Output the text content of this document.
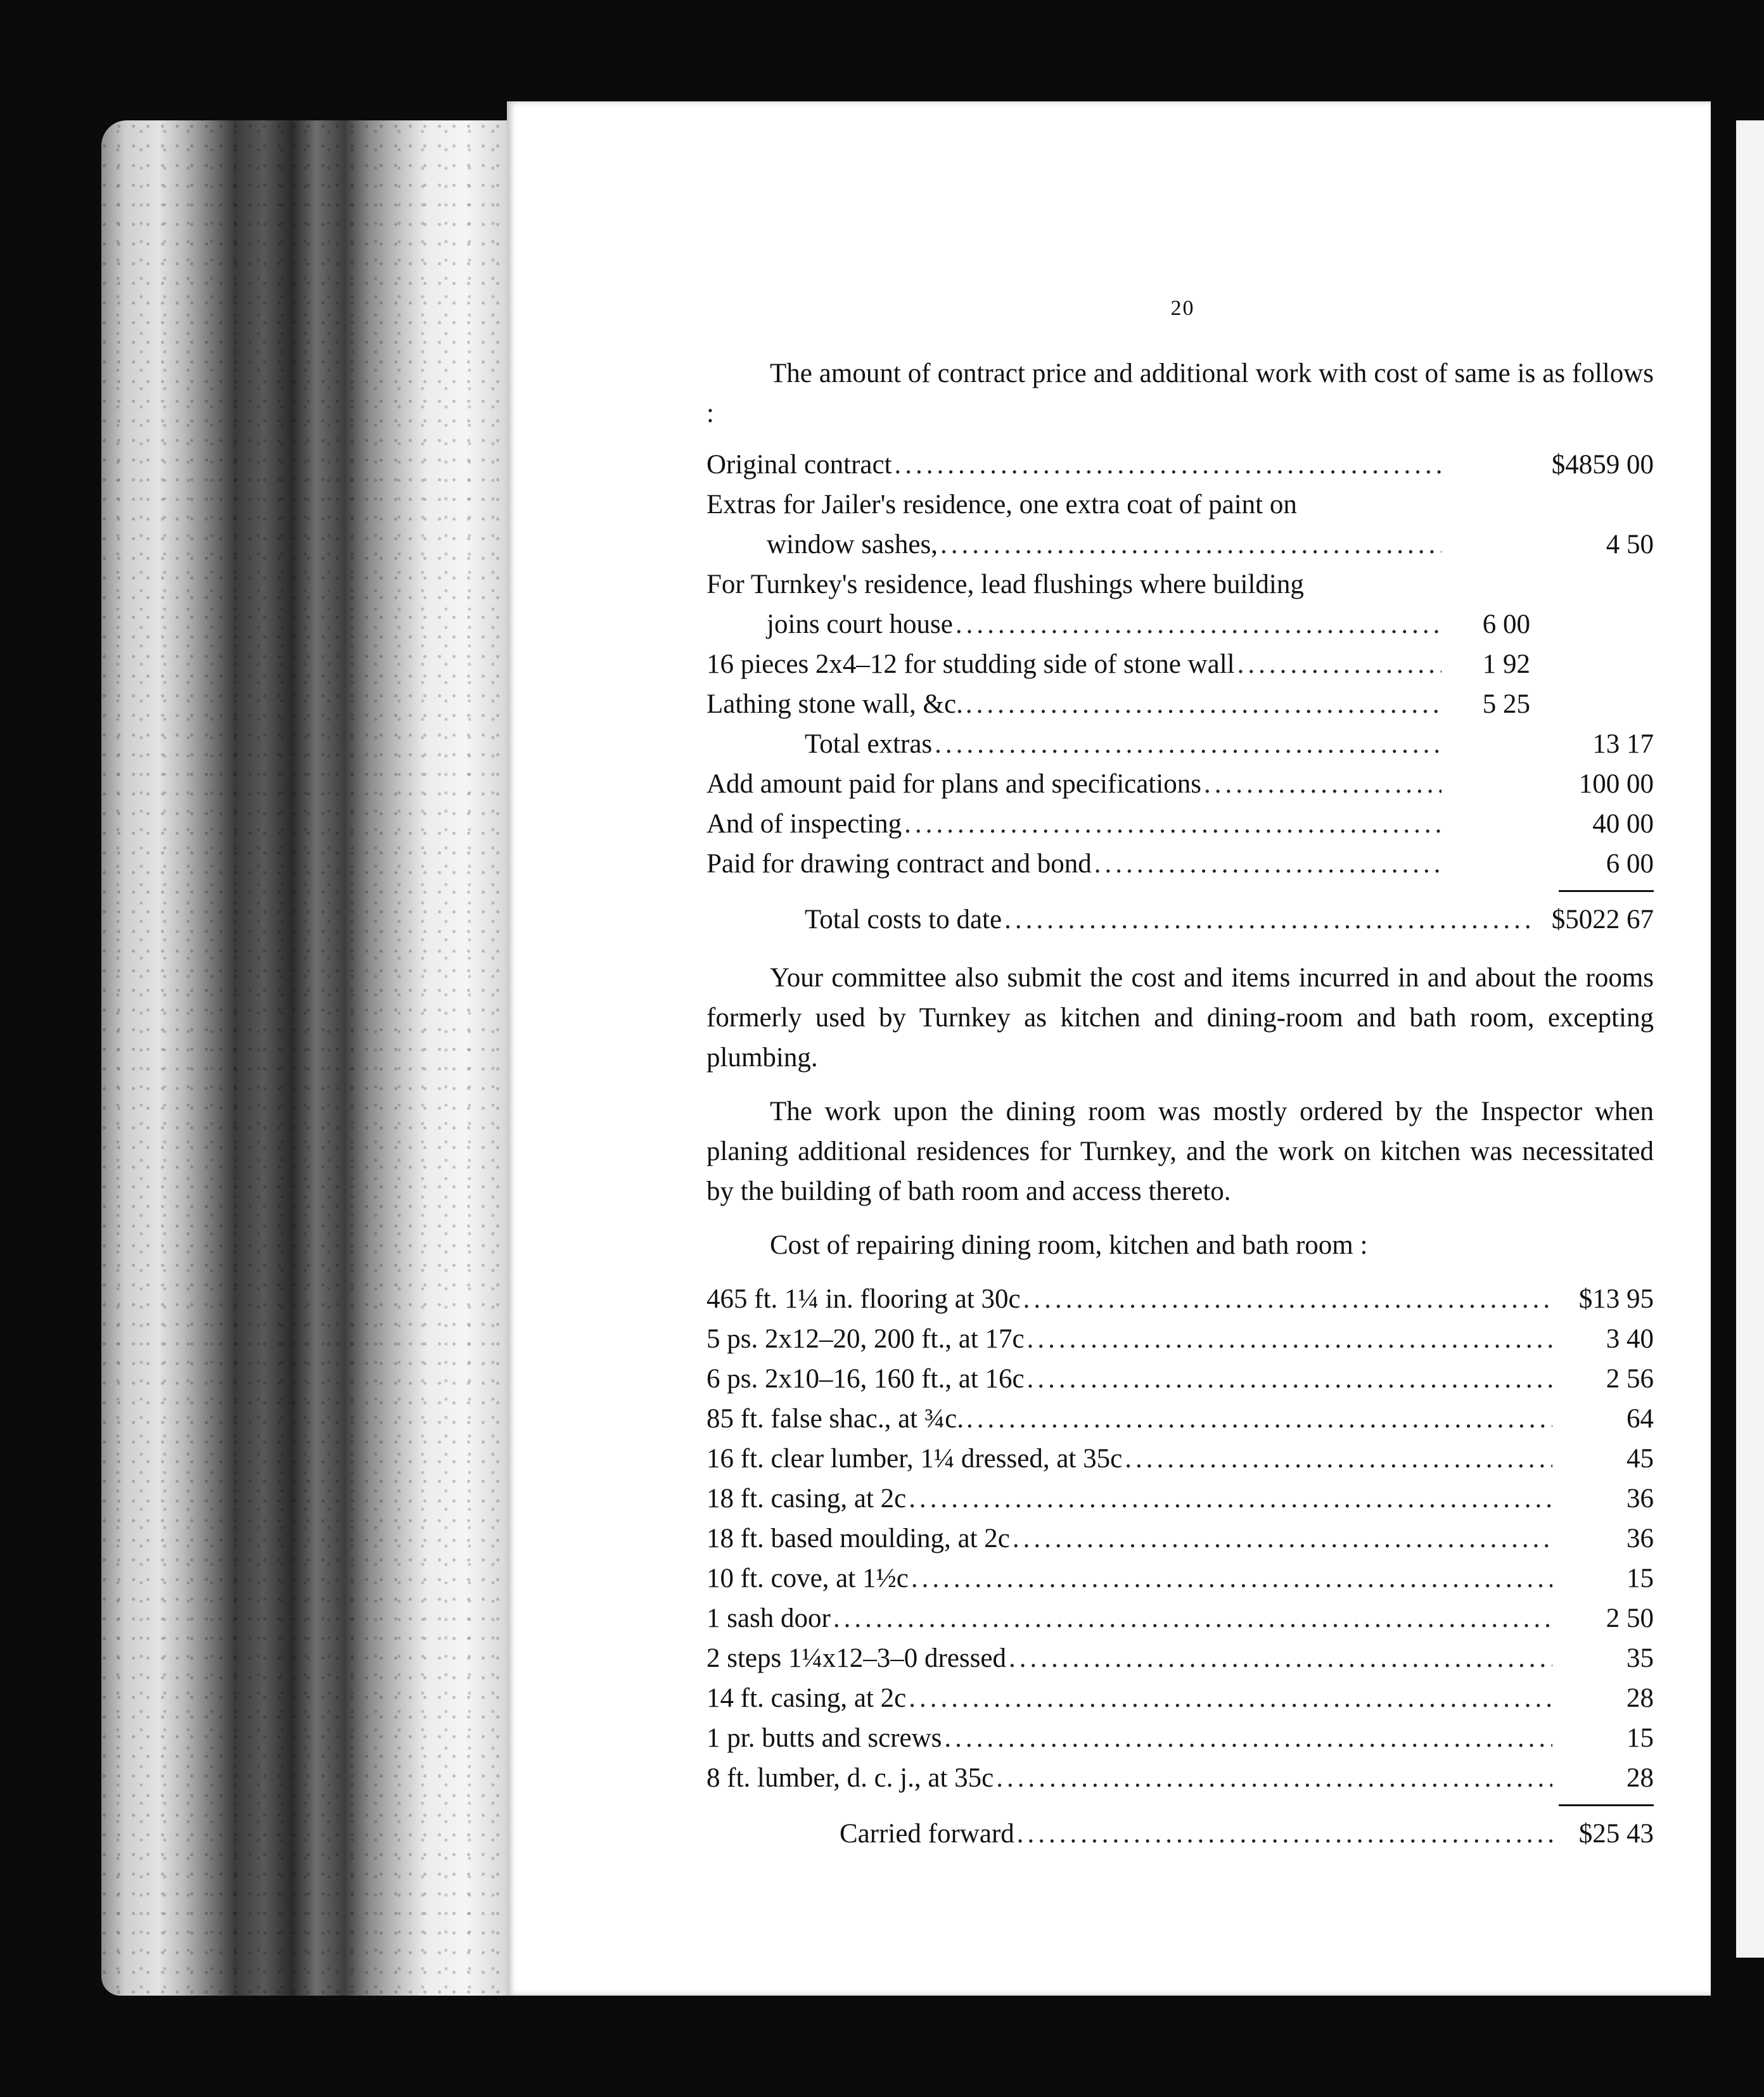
20

The amount of contract price and additional work with cost of same is as follows :

Original contract .....	$4859 00
Extras for Jailer's residence, one extra coat of paint on
window sashes, .....	4 50
For Turnkey's residence, lead flushings where building
joins court house .....	6 00
16 pieces 2x4–12 for studding side of stone wall .....	1 92
Lathing stone wall, &c. .....	5 25
Total extras .....	13 17
Add amount paid for plans and specifications .....	100 00
And of inspecting .....	40 00
Paid for drawing contract and bond .....	6 00
Total costs to date .....	$5022 67

Your committee also submit the cost and items incurred in and about the rooms formerly used by Turnkey as kitchen and dining-room and bath room, excepting plumbing.

The work upon the dining room was mostly ordered by the Inspector when planing additional residences for Turnkey, and the work on kitchen was necessitated by the building of bath room and access thereto.

Cost of repairing dining room, kitchen and bath room :

465 ft. 1¼ in. flooring at 30c .....	$13 95
5 ps. 2x12–20, 200 ft., at 17c .....	3 40
6 ps. 2x10–16, 160 ft., at 16c .....	2 56
85 ft. false shac., at ¾c. .....	64
16 ft. clear lumber, 1¼ dressed, at 35c .....	45
18 ft. casing, at 2c .....	36
18 ft. based moulding, at 2c .....	36
10 ft. cove, at 1½c .....	15
1 sash door .....	2 50
2 steps 1¼x12–3–0 dressed .....	35
14 ft. casing, at 2c .....	28
1 pr. butts and screws .....	15
8 ft. lumber, d. c. j., at 35c .....	28
Carried forward .....	$25 43
